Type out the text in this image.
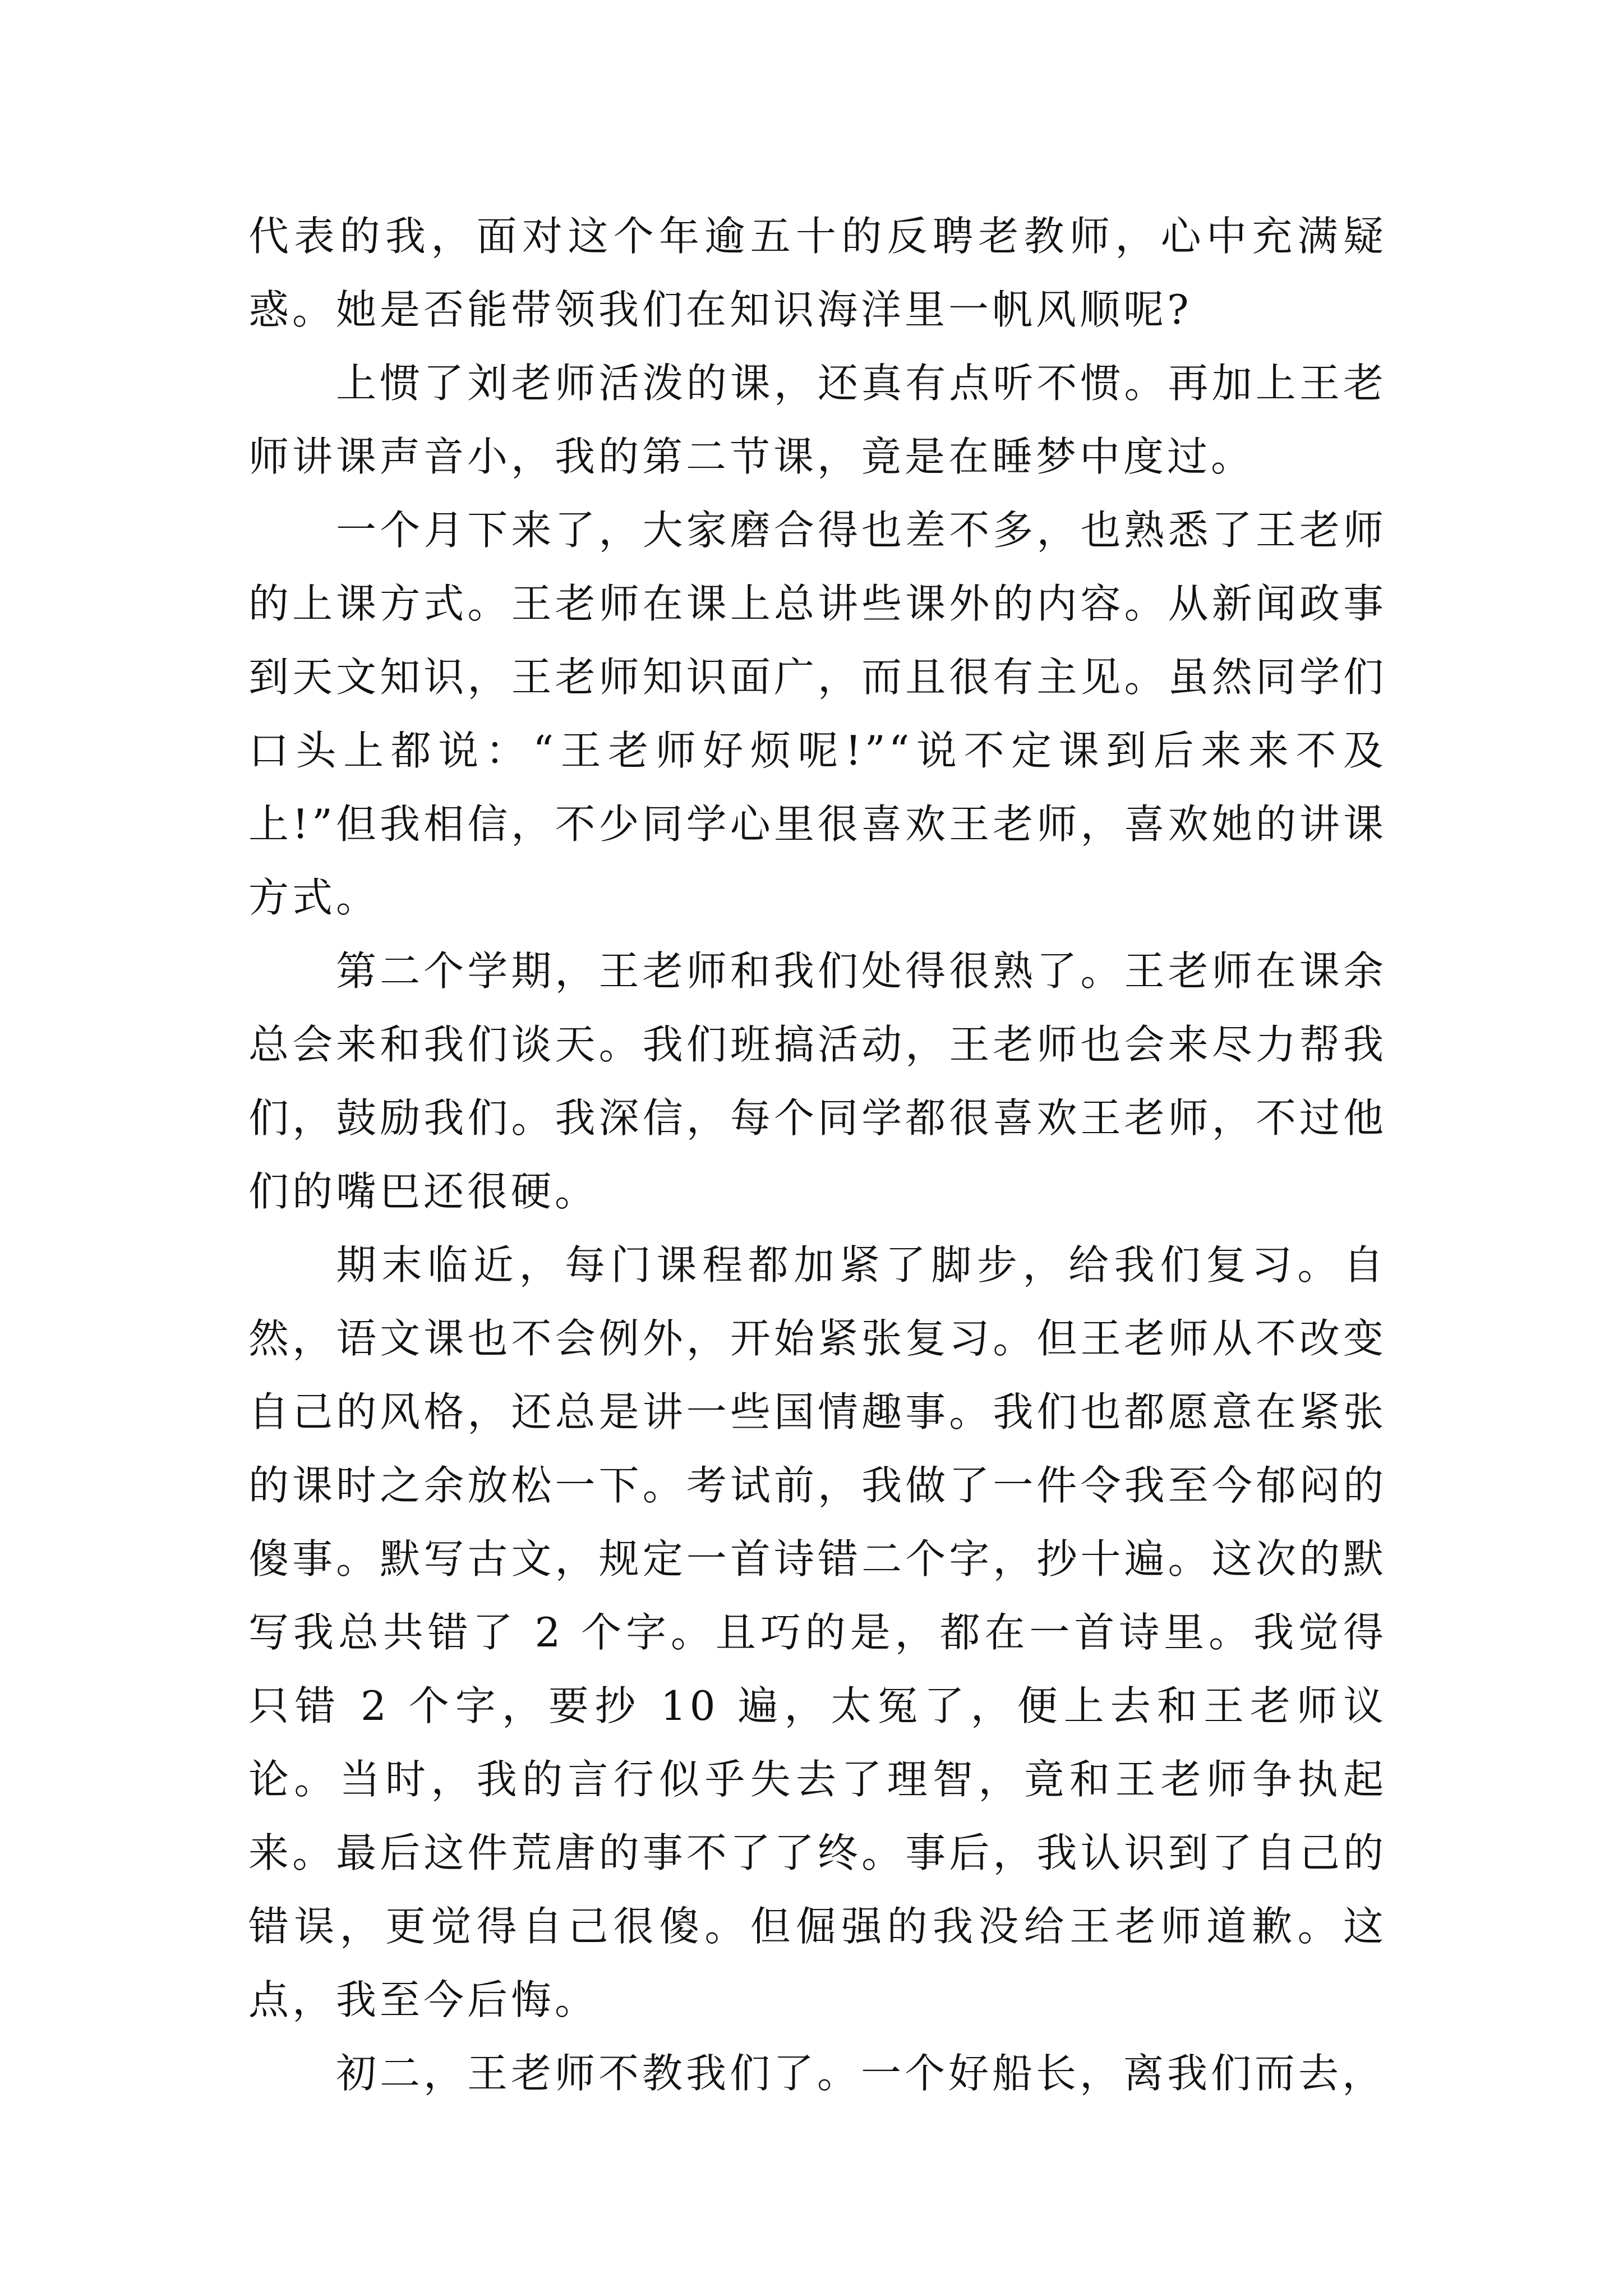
代表的我，面对这个年逾五十的反聘老教师，心中充满疑惑。她是否能带领我们在知识海洋里一帆风顺呢?

上惯了刘老师活泼的课，还真有点听不惯。再加上王老师讲课声音小，我的第二节课，竟是在睡梦中度过。

一个月下来了，大家磨合得也差不多，也熟悉了王老师的上课方式。王老师在课上总讲些课外的内容。从新闻政事到天文知识，王老师知识面广，而且很有主见。虽然同学们口头上都说：“王老师好烦呢!”“说不定课到后来来不及上!”但我相信，不少同学心里很喜欢王老师，喜欢她的讲课方式。

第二个学期，王老师和我们处得很熟了。王老师在课余总会来和我们谈天。我们班搞活动，王老师也会来尽力帮我们，鼓励我们。我深信，每个同学都很喜欢王老师，不过他们的嘴巴还很硬。

期末临近，每门课程都加紧了脚步，给我们复习。自然，语文课也不会例外，开始紧张复习。但王老师从不改变自己的风格，还总是讲一些国情趣事。我们也都愿意在紧张的课时之余放松一下。考试前，我做了一件令我至今郁闷的傻事。默写古文，规定一首诗错二个字，抄十遍。这次的默写我总共错了 2 个字。且巧的是，都在一首诗里。我觉得只错 2 个字，要抄 10 遍，太冤了，便上去和王老师议论。当时，我的言行似乎失去了理智，竟和王老师争执起来。最后这件荒唐的事不了了终。事后，我认识到了自己的错误，更觉得自己很傻。但倔强的我没给王老师道歉。这点，我至今后悔。

初二，王老师不教我们了。一个好船长，离我们而去，
